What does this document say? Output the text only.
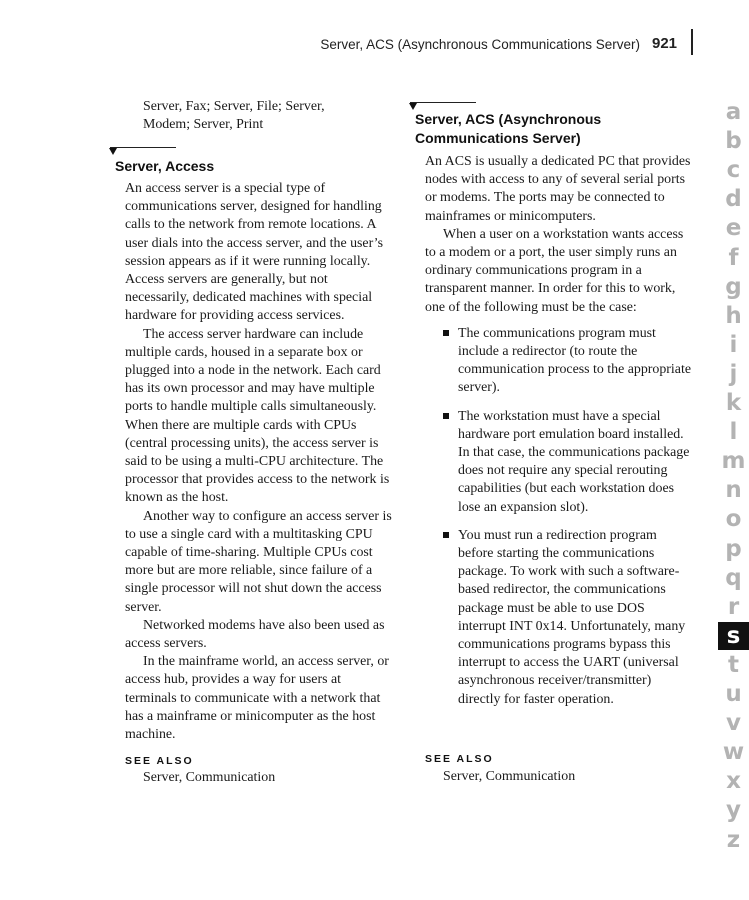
Server, ACS (Asynchronous Communications Server) 921

Server, Fax; Server, File; Server,

Modem; Server, Print

Server, Access

An access server is a special type of communications server, designed for handling calls to the network from remote locations. A user dials into the access server, and the user’s session appears as if it were running locally. Access servers are generally, but not necessarily, dedicated machines with special hardware for providing access services.

The access server hardware can include multiple cards, housed in a separate box or plugged into a node in the network. Each card has its own processor and may have multiple ports to handle multiple calls simultaneously. When there are multiple cards with CPUs (central processing units), the access server is said to be using a multi-CPU architecture. The processor that provides access to the network is known as the host.

Another way to configure an access server is to use a single card with a multitasking CPU capable of time-sharing. Multiple CPUs cost more but are more reliable, since failure of a single processor will not shut down the access server.

Networked modems have also been used as access servers.

In the mainframe world, an access server, or access hub, provides a way for users at terminals to communicate with a network that has a mainframe or minicomputer as the host machine.

SEE ALSO
Server, Communication
Server, ACS (Asynchronous Communications Server)

An ACS is usually a dedicated PC that provides nodes with access to any of several serial ports or modems. The ports may be connected to mainframes or minicomputers.

When a user on a workstation wants access to a modem or a port, the user simply runs an ordinary communications program in a transparent manner. In order for this to work, one of the following must be the case:

The communications program must include a redirector (to route the communication process to the appropriate server).
The workstation must have a special hardware port emulation board installed. In that case, the communications package does not require any special rerouting capabilities (but each workstation does lose an expansion slot).
You must run a redirection program before starting the communications package. To work with such a software-based redirector, the communications package must be able to use DOS interrupt INT 0x14. Unfortunately, many communications programs bypass this interrupt to access the UART (universal asynchronous receiver/transmitter) directly for faster operation.
SEE ALSO
Server, Communication
a
b
c
d
e
f
g
h
i
j
k
l
m
n
o
p
q
r
s
t
u
v
w
x
y
z
